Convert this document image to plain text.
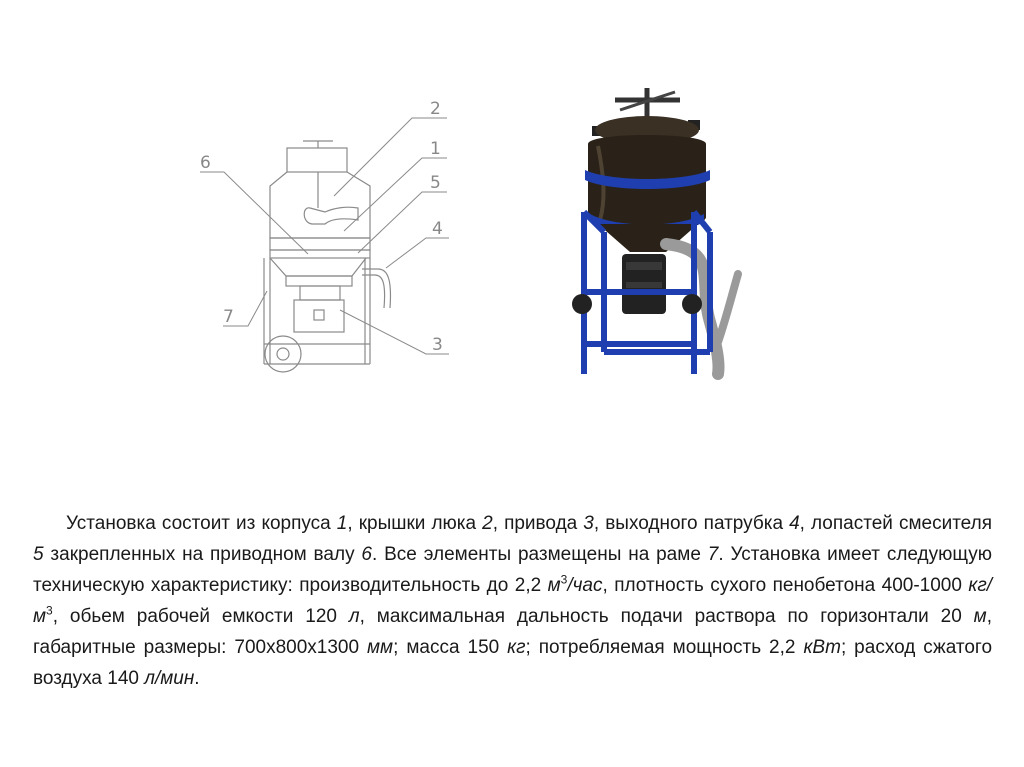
2
1
6
5
4
7
3

Установка состоит из корпуса 1, крышки люка 2, привода 3, выходного патрубка 4, лопастей смесителя 5 закрепленных на приводном валу 6. Все элементы размещены на раме 7. Установка имеет следующую техническую характеристику: производительность до 2,2 $м^3$/час, плотность сухого пенобетона 400-1000 $кг/м^3$, обьем рабочей емкости 120 л, максимальная дальность подачи раствора по горизонтали 20 м, габаритные размеры: 700х800х1300 мм; масса 150 кг; потребляемая мощность 2,2 кВт; расход сжатого воздуха 140 л/мин.
